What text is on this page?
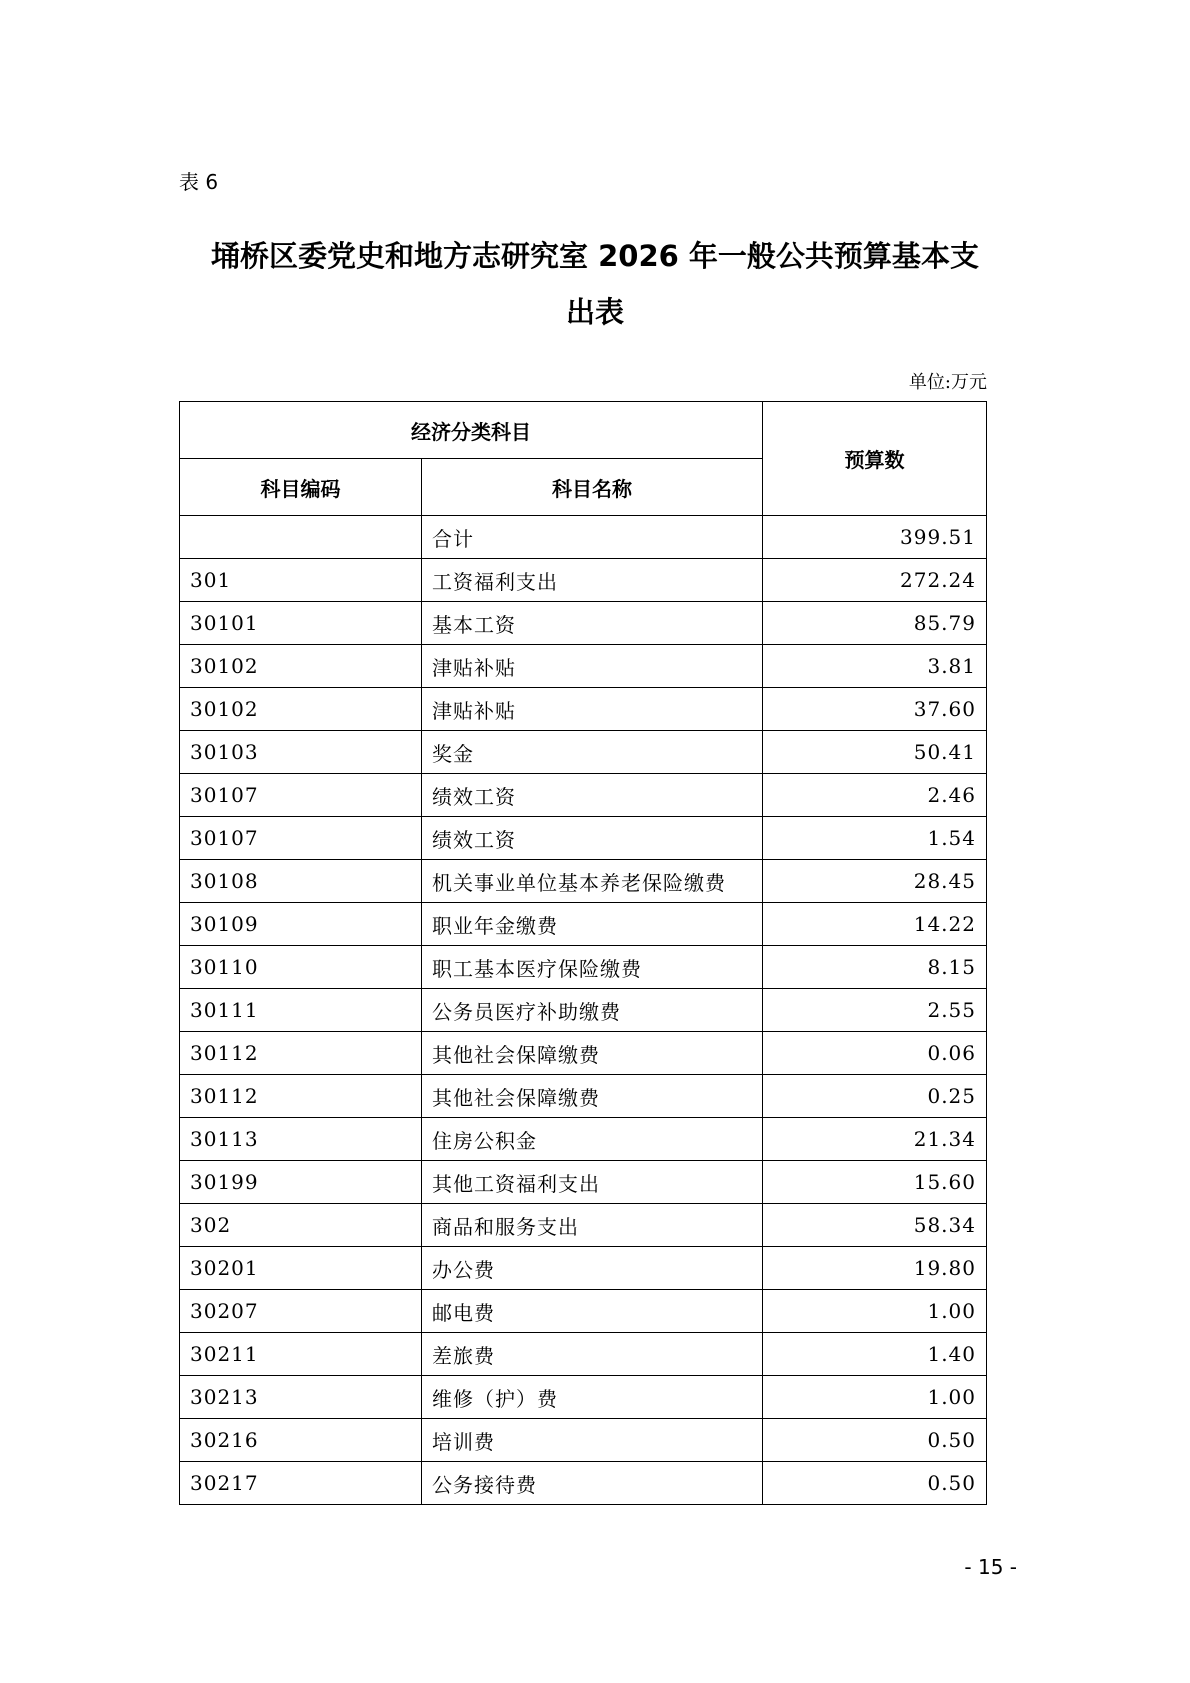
表 6
埇桥区委党史和地方志研究室 2026 年一般公共预算基本支
出表
单位:万元
经济分类科目		预算数
科目编码	科目名称	
	合计	399.51
301	工资福利支出	272.24
30101	基本工资	85.79
30102	津贴补贴	3.81
30102	津贴补贴	37.60
30103	奖金	50.41
30107	绩效工资	2.46
30107	绩效工资	1.54
30108	机关事业单位基本养老保险缴费	28.45
30109	职业年金缴费	14.22
30110	职工基本医疗保险缴费	8.15
30111	公务员医疗补助缴费	2.55
30112	其他社会保障缴费	0.06
30112	其他社会保障缴费	0.25
30113	住房公积金	21.34
30199	其他工资福利支出	15.60
302	商品和服务支出	58.34
30201	办公费	19.80
30207	邮电费	1.00
30211	差旅费	1.40
30213	维修（护）费	1.00
30216	培训费	0.50
30217	公务接待费	0.50
- 15 -
